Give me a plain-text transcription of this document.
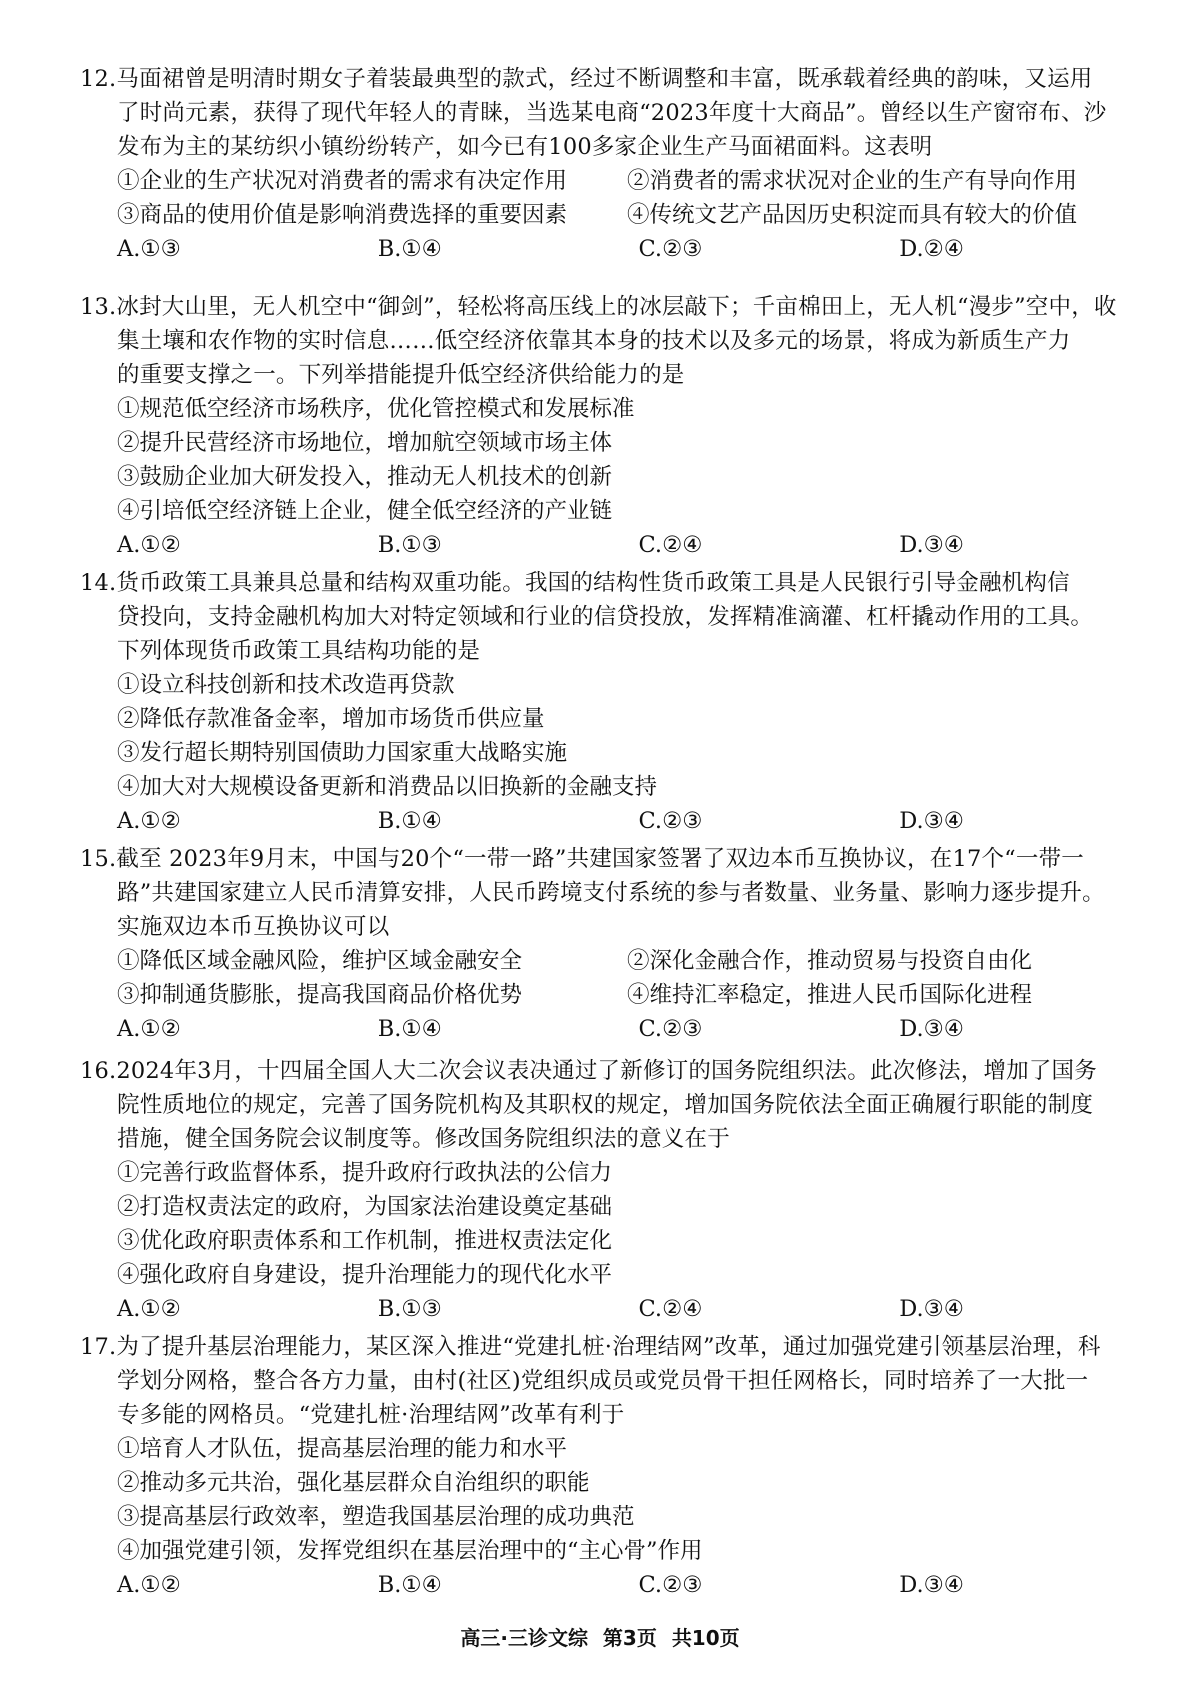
12.马面裙曾是明清时期女子着装最典型的款式，经过不断调整和丰富，既承载着经典的韵味，又运用
了时尚元素，获得了现代年轻人的青睐，当选某电商“2023年度十大商品”。曾经以生产窗帘布、沙
发布为主的某纺织小镇纷纷转产，如今已有100多家企业生产马面裙面料。这表明

①企业的生产状况对消费者的需求有决定作用	②消费者的需求状况对企业的生产有导向作用
③商品的使用价值是影响消费选择的重要因素	④传统文艺产品因历史积淀而具有较大的价值
A.①③	B.①④	C.②③	D.②④

13.冰封大山里，无人机空中“御剑”，轻松将高压线上的冰层敲下；千亩棉田上，无人机“漫步”空中，收
集土壤和农作物的实时信息……低空经济依靠其本身的技术以及多元的场景，将成为新质生产力
的重要支撑之一。下列举措能提升低空经济供给能力的是

①规范低空经济市场秩序，优化管控模式和发展标准
②提升民营经济市场地位，增加航空领域市场主体
③鼓励企业加大研发投入，推动无人机技术的创新
④引培低空经济链上企业，健全低空经济的产业链
A.①②	B.①③	C.②④	D.③④

14.货币政策工具兼具总量和结构双重功能。我国的结构性货币政策工具是人民银行引导金融机构信
贷投向，支持金融机构加大对特定领域和行业的信贷投放，发挥精准滴灌、杠杆撬动作用的工具。
下列体现货币政策工具结构功能的是

①设立科技创新和技术改造再贷款
②降低存款准备金率，增加市场货币供应量
③发行超长期特别国债助力国家重大战略实施
④加大对大规模设备更新和消费品以旧换新的金融支持
A.①②	B.①④	C.②③	D.③④

15.截至 2023年9月末，中国与20个“一带一路”共建国家签署了双边本币互换协议，在17个“一带一
路”共建国家建立人民币清算安排，人民币跨境支付系统的参与者数量、业务量、影响力逐步提升。
实施双边本币互换协议可以

①降低区域金融风险，维护区域金融安全	②深化金融合作，推动贸易与投资自由化
③抑制通货膨胀，提高我国商品价格优势	④维持汇率稳定，推进人民币国际化进程
A.①②	B.①④	C.②③	D.③④

16.2024年3月，十四届全国人大二次会议表决通过了新修订的国务院组织法。此次修法，增加了国务
院性质地位的规定，完善了国务院机构及其职权的规定，增加国务院依法全面正确履行职能的制度
措施，健全国务院会议制度等。修改国务院组织法的意义在于

①完善行政监督体系，提升政府行政执法的公信力
②打造权责法定的政府，为国家法治建设奠定基础
③优化政府职责体系和工作机制，推进权责法定化
④强化政府自身建设，提升治理能力的现代化水平
A.①②	B.①③	C.②④	D.③④

17.为了提升基层治理能力，某区深入推进“党建扎桩·治理结网”改革，通过加强党建引领基层治理，科
学划分网格，整合各方力量，由村(社区)党组织成员或党员骨干担任网格长，同时培养了一大批一
专多能的网格员。“党建扎桩·治理结网”改革有利于

①培育人才队伍，提高基层治理的能力和水平
②推动多元共治，强化基层群众自治组织的职能
③提高基层行政效率，塑造我国基层治理的成功典范
④加强党建引领，发挥党组织在基层治理中的“主心骨”作用
A.①②	B.①④	C.②③	D.③④
高三·三诊文综 第3页 共10页
